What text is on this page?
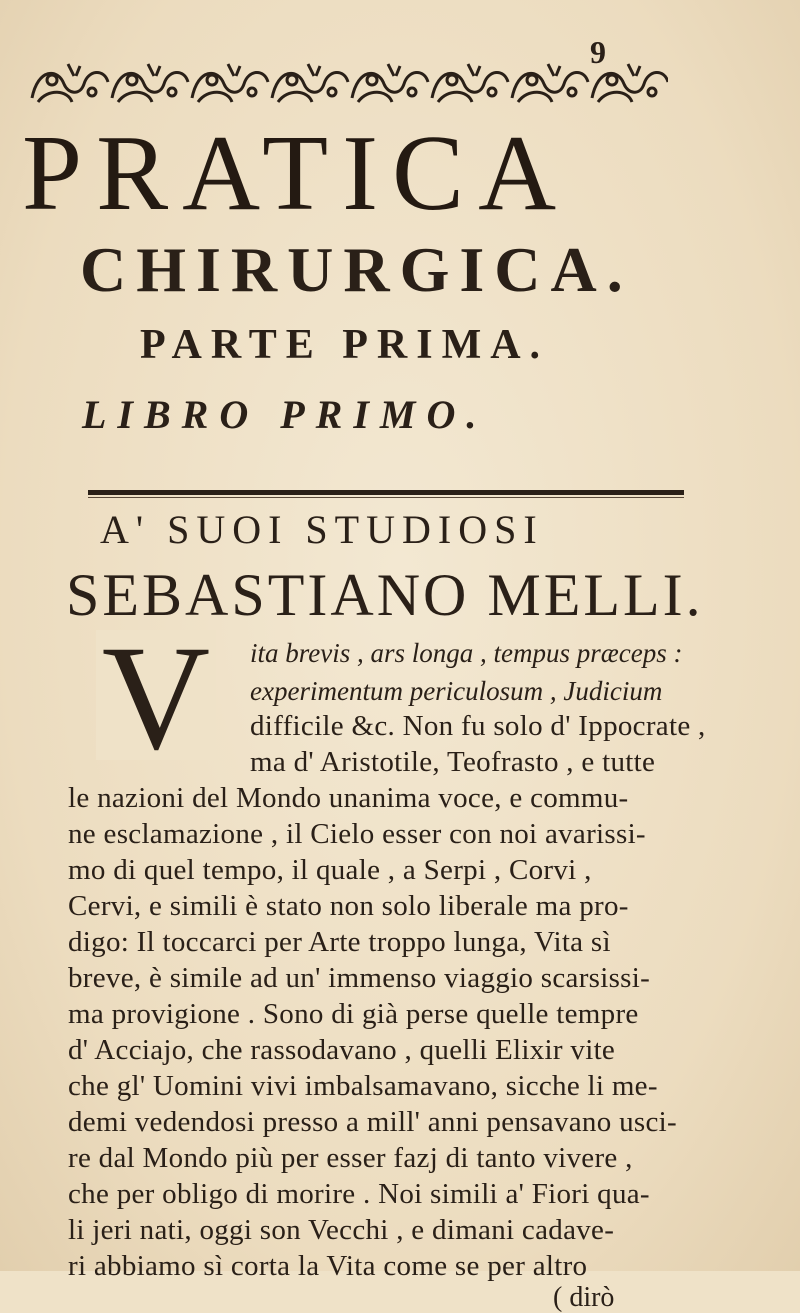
9
PRATICA
CHIRURGICA.
PARTE PRIMA.
LIBRO PRIMO.
A' SUOI STUDIOSI
SEBASTIANO MELLI.
V ita brevis , ars longa , tempus præceps :
experimentum periculosum , Judicium
difficile &c. Non fu solo d' Ippocrate ,
ma d' Aristotile, Teofrasto , e tutte
le nazioni del Mondo unanima voce, e commu-
ne esclamazione , il Cielo esser con noi avarissi-
mo di quel tempo, il quale , a Serpi , Corvi ,
Cervi, e simili è stato non solo liberale ma pro-
digo: Il toccarci per Arte troppo lunga, Vita sì
breve, è simile ad un' immenso viaggio scarsissi-
ma provigione . Sono di già perse quelle tempre
d' Acciajo, che rassodavano , quelli Elixir vite
che gl' Uomini vivi imbalsamavano, sicche li me-
demi vedendosi presso a mill' anni pensavano usci-
( dirò
re dal Mondo più per esser fazj di tanto vivere ,
che per obligo di morire . Noi simili a' Fiori qua-
li jeri nati, oggi son Vecchi , e dimani cadave-
ri abbiamo sì corta la Vita come se per altro
